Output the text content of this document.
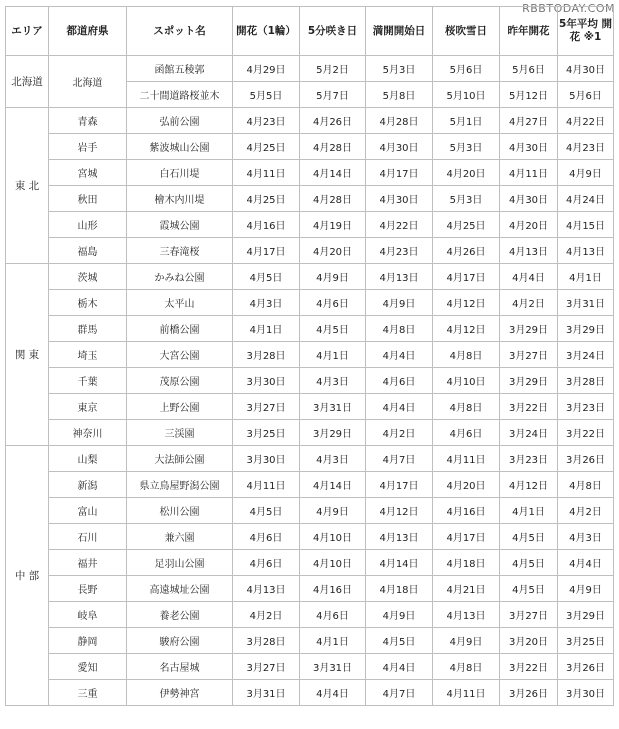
RBBTODAY.COM
エリア	都道府県	スポット名	開花（1輪）	5分咲き日	満開開始日	桜吹雪日	昨年開花	5年平均 開花 ※1
北海道	北海道	函館五稜郭	4月29日	5月2日	5月3日	5月6日	5月6日	4月30日
		二十間道路桜並木	5月5日	5月7日	5月8日	5月10日	5月12日	5月6日
東 北	青森	弘前公園	4月23日	4月26日	4月28日	5月1日	4月27日	4月22日
	岩手	紫波城山公園	4月25日	4月28日	4月30日	5月3日	4月30日	4月23日
	宮城	白石川堤	4月11日	4月14日	4月17日	4月20日	4月11日	4月9日
	秋田	檜木内川堤	4月25日	4月28日	4月30日	5月3日	4月30日	4月24日
	山形	霞城公園	4月16日	4月19日	4月22日	4月25日	4月20日	4月15日
	福島	三春滝桜	4月17日	4月20日	4月23日	4月26日	4月13日	4月13日
関 東	茨城	かみね公園	4月5日	4月9日	4月13日	4月17日	4月4日	4月1日
	栃木	太平山	4月3日	4月6日	4月9日	4月12日	4月2日	3月31日
	群馬	前橋公園	4月1日	4月5日	4月8日	4月12日	3月29日	3月29日
	埼玉	大宮公園	3月28日	4月1日	4月4日	4月8日	3月27日	3月24日
	千葉	茂原公園	3月30日	4月3日	4月6日	4月10日	3月29日	3月28日
	東京	上野公園	3月27日	3月31日	4月4日	4月8日	3月22日	3月23日
	神奈川	三渓園	3月25日	3月29日	4月2日	4月6日	3月24日	3月22日
中 部	山梨	大法師公園	3月30日	4月3日	4月7日	4月11日	3月23日	3月26日
	新潟	県立鳥屋野潟公園	4月11日	4月14日	4月17日	4月20日	4月12日	4月8日
	富山	松川公園	4月5日	4月9日	4月12日	4月16日	4月1日	4月2日
	石川	兼六園	4月6日	4月10日	4月13日	4月17日	4月5日	4月3日
	福井	足羽山公園	4月6日	4月10日	4月14日	4月18日	4月5日	4月4日
	長野	高遠城址公園	4月13日	4月16日	4月18日	4月21日	4月5日	4月9日
	岐阜	養老公園	4月2日	4月6日	4月9日	4月13日	3月27日	3月29日
	静岡	駿府公園	3月28日	4月1日	4月5日	4月9日	3月20日	3月25日
	愛知	名古屋城	3月27日	3月31日	4月4日	4月8日	3月22日	3月26日
	三重	伊勢神宮	3月31日	4月4日	4月7日	4月11日	3月26日	3月30日
